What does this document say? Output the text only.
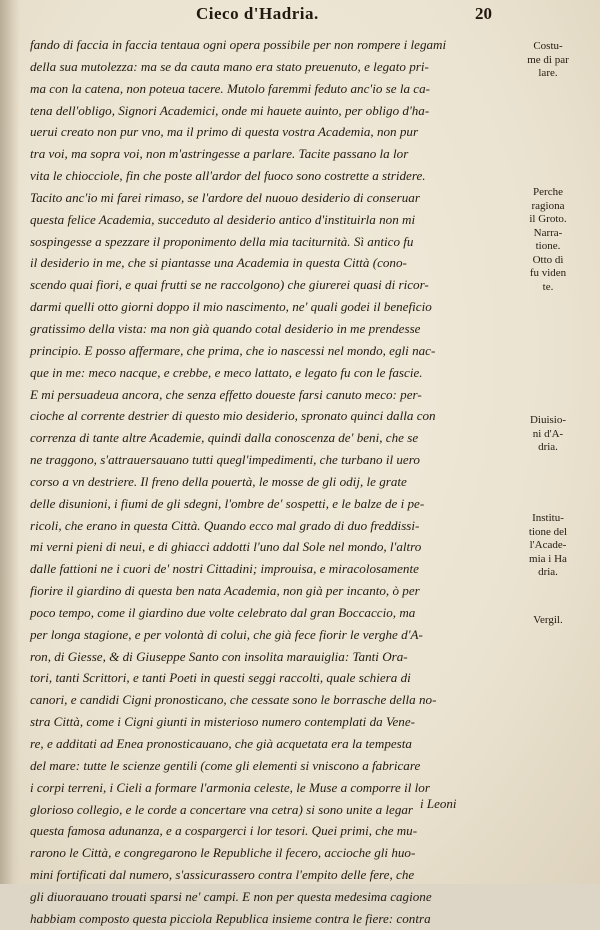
Cieco d'Hadria.	20
fando di faccia in faccia tentaua ogni opera possibile per non rompere i legami
della sua mutolezza: ma se da cauta mano era stato preuenuto, e legato pri-
ma con la catena, non poteua tacere. Mutolo faremmi feduto anc'io se la ca-
tena dell'obligo, Signori Academici, onde mi hauete auinto, per obligo d'ha-
uerui creato non pur vno, ma il primo di questa vostra Academia, non pur
tra voi, ma sopra voi, non m'astringesse a parlare. Tacite passano la lor
vita le chiocciole, fin che poste all'ardor del fuoco sono costrette a stridere.
Tacito anc'io mi farei rimaso, se l'ardore del nuouo desiderio di conseruar
questa felice Academia, succeduto al desiderio antico d'instituirla non mi
sospingesse a spezzare il proponimento della mia taciturnità. Sì antico fu
il desiderio in me, che si piantasse una Academia in questa Città (cono-
scendo quai fiori, e quai frutti se ne raccolgono) che giurerei quasi di ricor-
darmi quelli otto giorni doppo il mio nascimento, ne' quali godei il beneficio
gratissimo della vista: ma non già quando cotal desiderio in me prendesse
principio. E posso affermare, che prima, che io nascessi nel mondo, egli nac-
que in me: meco nacque, e crebbe, e meco lattato, e legato fu con le fascie.
E mi persuadeua ancora, che senza effetto doueste farsi canuto meco: per-
cioche al corrente destrier di questo mio desiderio, spronato quinci dalla con
correnza di tante altre Academie, quindi dalla conoscenza de' beni, che se
ne traggono, s'attrauersauano tutti quegl'impedimenti, che turbano il uero
corso a vn destriere. Il freno della pouertà, le mosse de gli odij, le grate
delle disunioni, i fiumi de gli sdegni, l'ombre de' sospetti, e le balze de i pe-
ricoli, che erano in questa Città. Quando ecco mal grado di duo freddissi-
mi verni pieni di neui, e di ghiacci addotti l'uno dal Sole nel mondo, l'altro
dalle fattioni ne i cuori de' nostri Cittadini; improuisa, e miracolosamente
fiorire il giardino di questa ben nata Academia, non già per incanto, ò per
poco tempo, come il giardino due volte celebrato dal gran Boccaccio, ma
per longa stagione, e per volontà di colui, che già fece fiorir le verghe d'A-
ron, di Giesse, & di Giuseppe Santo con insolita marauiglia: Tanti Ora-
tori, tanti Scrittori, e tanti Poeti in questi seggi raccolti, quale schiera di
canori, e candidi Cigni pronosticano, che cessate sono le borrasche della no-
stra Città, come i Cigni giunti in misterioso numero contemplati da Vene-
re, e additati ad Enea pronosticauano, che già acquetata era la tempesta
del mare: tutte le scienze gentili (come gli elementi si vniscono a fabricare
i corpi terreni, i Cieli a formare l'armonia celeste, le Muse a comporre il lor
glorioso collegio, e le corde a concertare vna cetra) si sono unite a legar
questa famosa adunanza, e a cospargerci i lor tesori. Quei primi, che mu-
rarono le Città, e congregarono le Republiche il fecero, accioche gli huo-
mini fortificati dal numero, s'assicurassero contra l'empito delle fere, che
gli diuorauano trouati sparsi ne' campi. E non per questa medesima cagione
habbiam composto questa picciola Republica insieme contra le fiere: contra
i Leoni
Costu-
me di par
lare.
Perche
ragiona
il Groto.
Narra-
tione.
Otto dì
fu viden
te.
Diuisio-
ni d'A-
dria.
Institu-
tione del
l'Acade-
mia i Ha
dria.
Vergil.
